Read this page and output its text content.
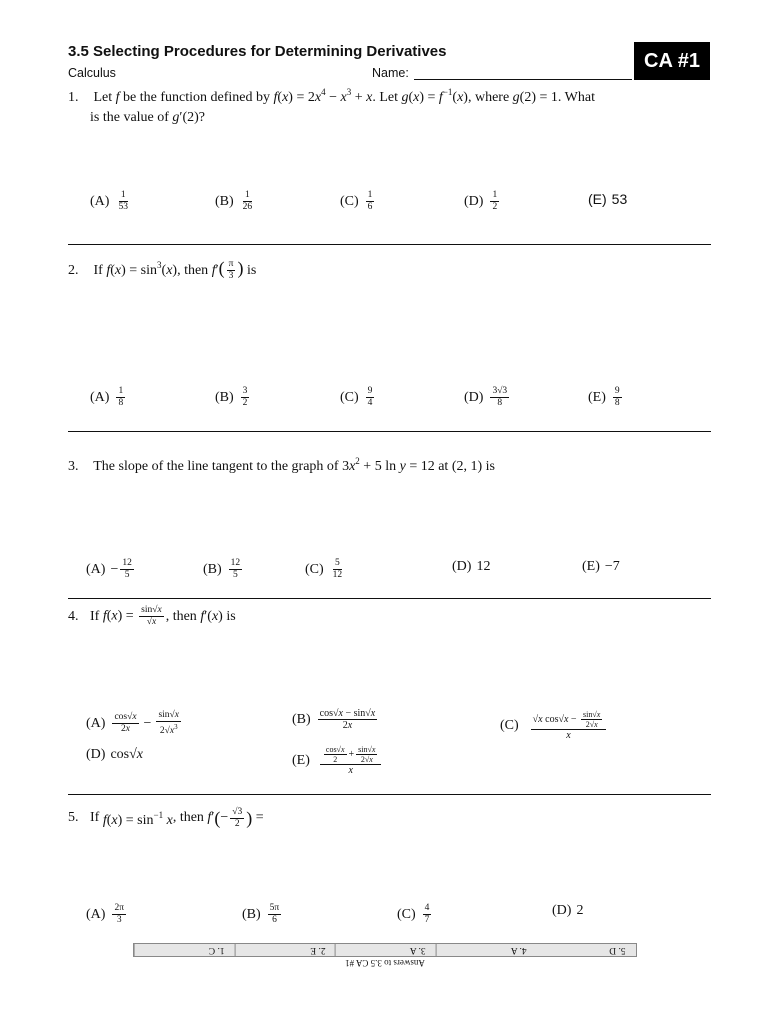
3.5 Selecting Procedures for Determining Derivatives
Calculus	Name:
CA #1
1. Let f be the function defined by $f(x) = 2x^4 - x^3 + x$. Let $g(x) = f^{-1}(x)$, where g(2) = 1. What
is the value of g′(2)?
(A) 1
53	(B) 1
26	(C) 1
6	(D) 1
2	(E) 53
2. If $f(x) = \sin^3(x)$, then $f'( \frac{\pi}{3}$ ) is
(A) 1
8	(B) 3
2	(C) 9
4	(D) 3√3
8	(E) 9
8
3. The slope of the line tangent to the graph of $3x^2 + 5$ ln y = 12 at (2, 1) is
$(A) - \frac{12}{5}$	(B) 12
5	(C) 5
12
(D) 12	(E) −7
4. If
$f(x) = \frac{\sin√x}{√x}$ , then
f′(x)
is
(A) cos√x
$2x - \frac{\sin√x}{2√x^3}$	(B) cos√x − sin√x
2x	(C) √ x cos√ x − sin√x
2√x
x
(D) cos√x	(E)
cos√x
2 + sin√x
2√x
x
5. If
$f(x) = \sin^{-1} x$ , then
f ′ ( − √3
2 ) =
(A) 2π
3	(B) 5π
6	(C) 4
7
(D) 2
1. C	2. E	3. A	4. A	5. D
Answers to 3.5 CA #1
